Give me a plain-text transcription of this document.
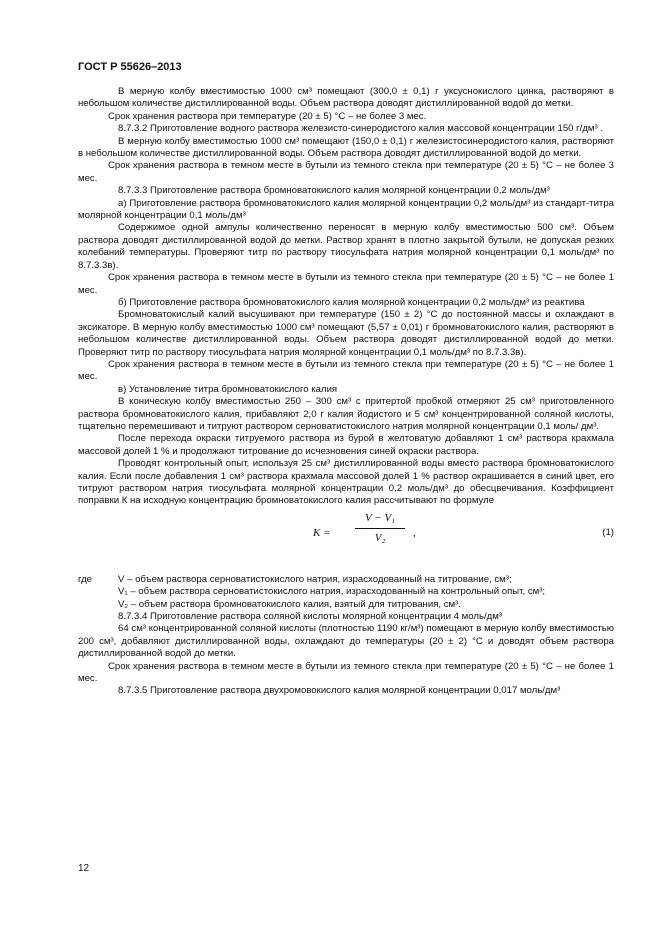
ГОСТ Р 55626–2013

В мерную колбу вместимостью 1000 см³ помещают (300,0 ± 0,1) г уксуснокислого цинка, растворяют в небольшом количестве дистиллированной воды. Объем раствора доводят дистиллированной водой до метки.

Срок хранения раствора при температуре (20 ± 5) °С – не более 3 мес.

8.7.3.2 Приготовление водного раствора железисто-синеродистого калия массовой концентрации 150 г/дм³ .

В мерную колбу вместимостью 1000 см³ помещают (150,0 ± 0,1) г железистосинеродистого калия, растворяют в небольшом количестве дистиллированной воды. Объем раствора доводят дистиллированной водой до метки.

Срок хранения раствора в темном месте в бутыли из темного стекла при температуре (20 ± 5) °С – не более 3 мес.

8.7.3.3 Приготовление раствора бромноватокислого калия молярной концентрации 0,2 моль/дм³

а) Приготовление раствора бромноватокислого калия молярной концентрации 0,2 моль/дм³ из стандарт-титра молярной концентрации 0,1 моль/дм³

Содержимое одной ампулы количественно переносят в мерную колбу вместимостью 500 см³. Объем раствора доводят дистиллированной водой до метки. Раствор хранят в плотно закрытой бутыли, не допуская резких колебаний температуры. Проверяют титр по раствору тиосульфата натрия молярной концентрации 0,1 моль/дм³ по 8.7.3.3в).

Срок хранения раствора в темном месте в бутыли из темного стекла при температуре (20 ± 5) °С – не более 1 мес.

б) Приготовление раствора бромноватокислого калия молярной концентрации 0,2 моль/дм³ из реактива

Бромноватокислый калий высушивают при температуре (150 ± 2) °С до постоянной массы и охлаждают в эксикаторе. В мерную колбу вместимостью 1000 см³ помещают (5,57 ± 0,01) г бромноватокислого калия, растворяют в небольшом количестве дистиллированной воды. Объем раствора доводят дистиллированной водой до метки. Проверяют титр по раствору тиосульфата натрия молярной концентрации 0,1 моль/дм³ по 8.7.3.3в).

Срок хранения раствора в темном месте в бутыли из темного стекла при температуре (20 ± 5) °С – не более 1 мес.

в) Установление титра бромноватокислого калия

В коническую колбу вместимостью 250 – 300 см³ с притертой пробкой отмеряют 25 см³ приготовленного раствора бромноватокислого калия, прибавляют 2,0 г калия йодистого и 5 см³ концентрированной соляной кислоты, тщательно перемешивают и титруют раствором серноватистокислого натрия молярной концентрации 0,1 моль/ дм³.

После перехода окраски титруемого раствора из бурой в желтоватую добавляют 1 см³ раствора крахмала массовой долей 1 % и продолжают титрование до исчезновения синей окраски раствора.

Проводят контрольный опыт, используя 25 см³ дистиллированной воды вместо раствора бромноватокислого калия. Если после добавления 1 см³ раствора крахмала массовой долей 1 % раствор окрашивается в синий цвет, его титруют раствором натрия тиосульфата молярной концентрации 0,2 моль/дм³ до обесцвечивания. Коэффициент поправки К на исходную концентрацию бромноватокислого калия рассчитывают по формуле

K =
V − V₁
V₂	,	(1)
где	V – объем раствора серноватистокислого натрия, израсходованный на титрование, см³;
V₁ – объем раствора серноватистокислого натрия, израсходованный на контрольный опыт, см³;
V₂ – объем раствора бромноватокислого калия, взятый для титрования, см³.

8.7.3.4 Приготовление раствора соляной кислоты молярной концентрации 4 моль/дм³

64 см³ концентрированной соляной кислоты (плотностью 1190 кг/м³) помещают в мерную колбу вместимостью 200 см³, добавляют дистиллированной воды, охлаждают до температуры (20 ± 2) °С и доводят объем раствора дистиллированной водой до метки.

Срок хранения раствора в темном месте в бутыли из темного стекла при температуре (20 ± 5) °С – не более 1 мес.

8.7.3.5 Приготовление раствора двухромовокислого калия молярной концентрации 0,017 моль/дм³

12
